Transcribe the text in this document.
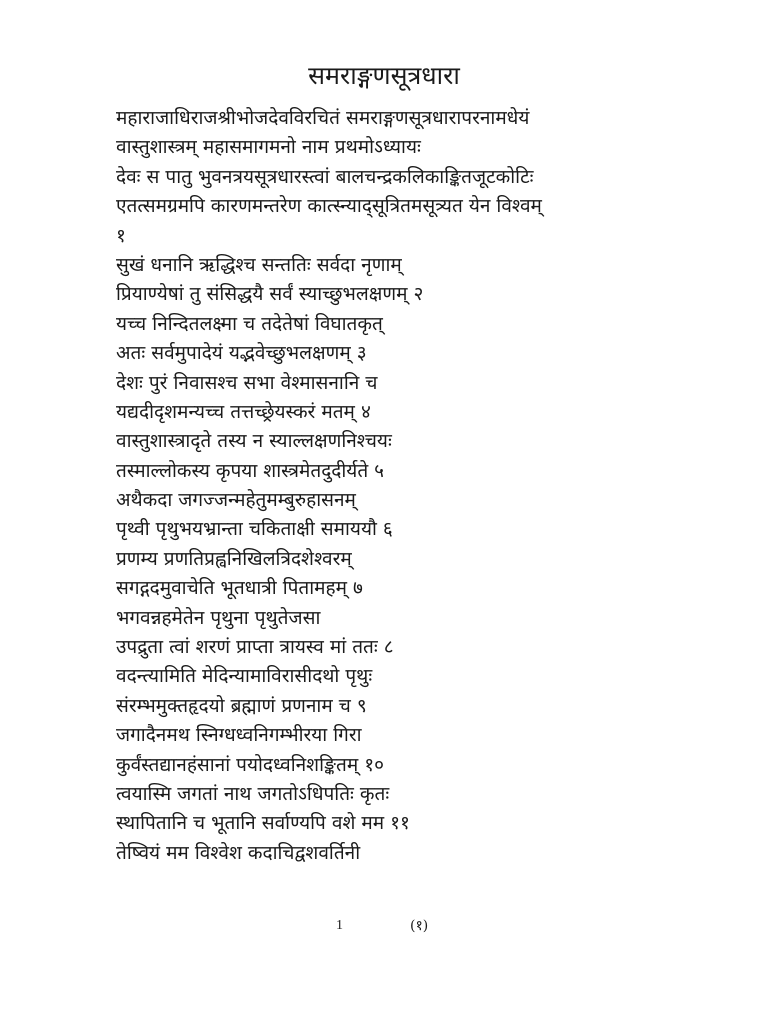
समराङ्गणसूत्रधारा
महाराजाधिराजश्रीभोजदेवविरचितं समराङ्गणसूत्रधारापरनामधेयं
वास्तुशास्त्रम् महासमागमनो नाम प्रथमोऽध्यायः
देवः स पातु भुवनत्रयसूत्रधारस्त्वां बालचन्द्रकलिकाङ्कितजूटकोटिः
एतत्समग्रमपि कारणमन्तरेण कात्स्न्याद्सूत्रितमसूत्र्यत येन विश्वम्
१
सुखं धनानि ऋद्धिश्च सन्ततिः सर्वदा नृणाम्
प्रियाण्येषां तु संसिद्धयै सर्वं स्याच्छुभलक्षणम् २
यच्च निन्दितलक्ष्मा च तदेतेषां विघातकृत्
अतः सर्वमुपादेयं यद्भवेच्छुभलक्षणम् ३
देशः पुरं निवासश्च सभा वेश्मासनानि च
यद्यदीदृशमन्यच्च तत्तच्छ्रेयस्करं मतम् ४
वास्तुशास्त्रादृते तस्य न स्याल्लक्षणनिश्चयः
तस्माल्लोकस्य कृपया शास्त्रमेतदुदीर्यते ५
अथैकदा जगज्जन्महेतुमम्बुरुहासनम्
पृथ्वी पृथुभयभ्रान्ता चकिताक्षी समाययौ ६
प्रणम्य प्रणतिप्रह्वनिखिलत्रिदशेश्वरम्
सगद्गदमुवाचेति भूतधात्री पितामहम् ७
भगवन्नहमेतेन पृथुना पृथुतेजसा
उपद्रुता त्वां शरणं प्राप्ता त्रायस्व मां ततः ८
वदन्त्यामिति मेदिन्यामाविरासीदथो पृथुः
संरम्भमुक्तहृदयो ब्रह्माणं प्रणनाम च ९
जगादैनमथ स्निग्धध्वनिगम्भीरया गिरा
कुर्वंस्तद्यानहंसानां पयोदध्वनिशङ्कितम् १०
त्वयास्मि जगतां नाथ जगतोऽधिपतिः कृतः
स्थापितानि च भूतानि सर्वाण्यपि वशे मम ११
तेष्वियं मम विश्वेश कदाचिद्वशवर्तिनी
1	(१)
